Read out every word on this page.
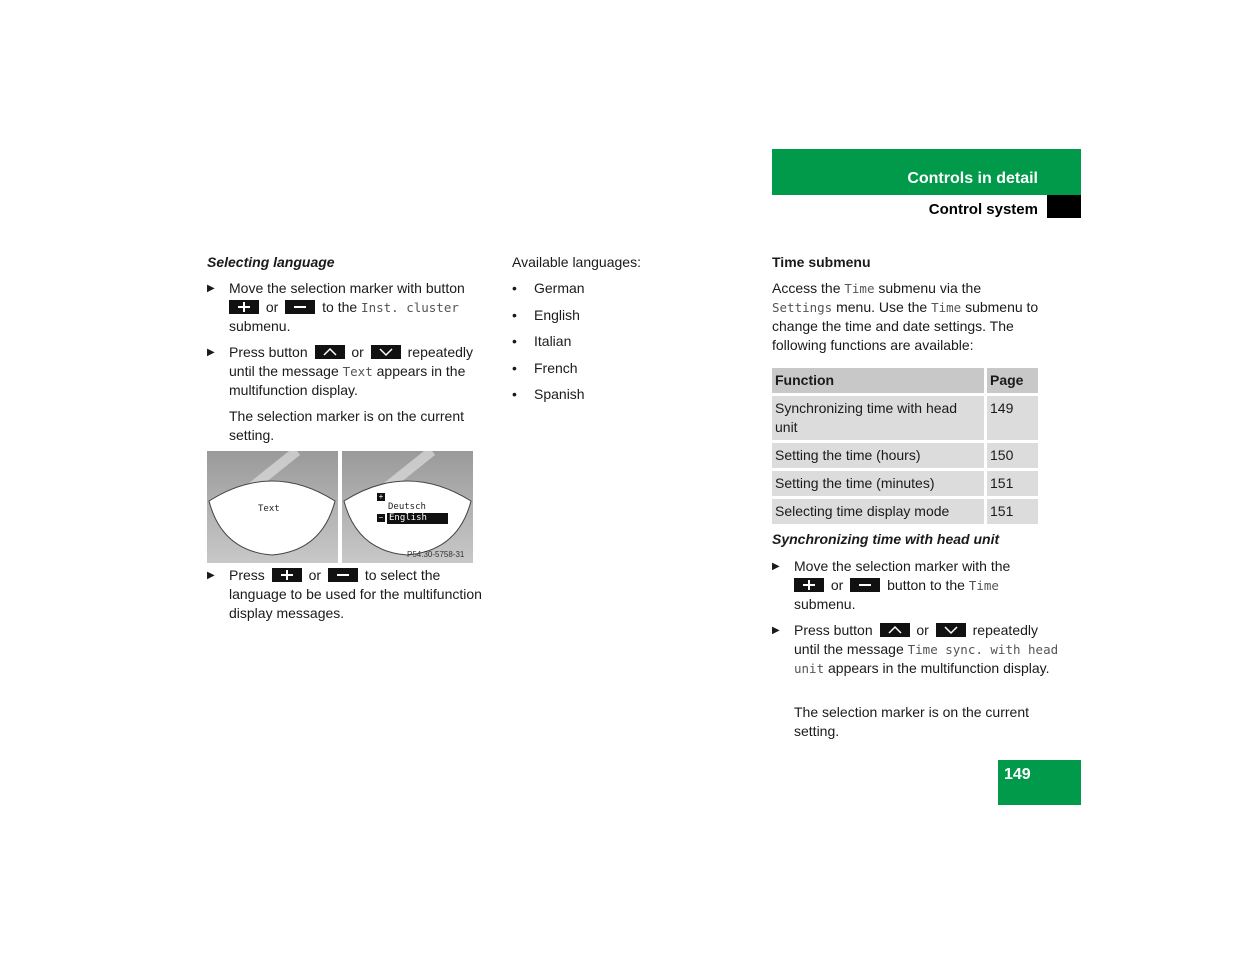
Controls in detail
Control system
Selecting language
▶ Move the selection marker with button

or	to the Inst. cluster
submenu.
▶ Press button	or	repeatedly until the message Text appears in the multifunction display.
The selection marker is on the current setting.
Text
+
Deutsch
− English
P54.30-5758-31
▶ Press	or	to select the language to be used for the multifunction display messages.
Available languages:
• German
• English
• Italian
• French
• Spanish
Time submenu
Access the Time submenu via the Settings menu. Use the Time submenu to change the time and date settings. The following functions are available:
Function	Page
Synchronizing time with head unit	149
Setting the time (hours)	150
Setting the time (minutes)	151
Selecting time display mode	151
Synchronizing time with head unit
▶ Move the selection marker with the

or	button to the Time
submenu.
▶ Press button	or	repeatedly until the message Time sync. with head unit appears in the multifunction display.
The selection marker is on the current setting.
149
